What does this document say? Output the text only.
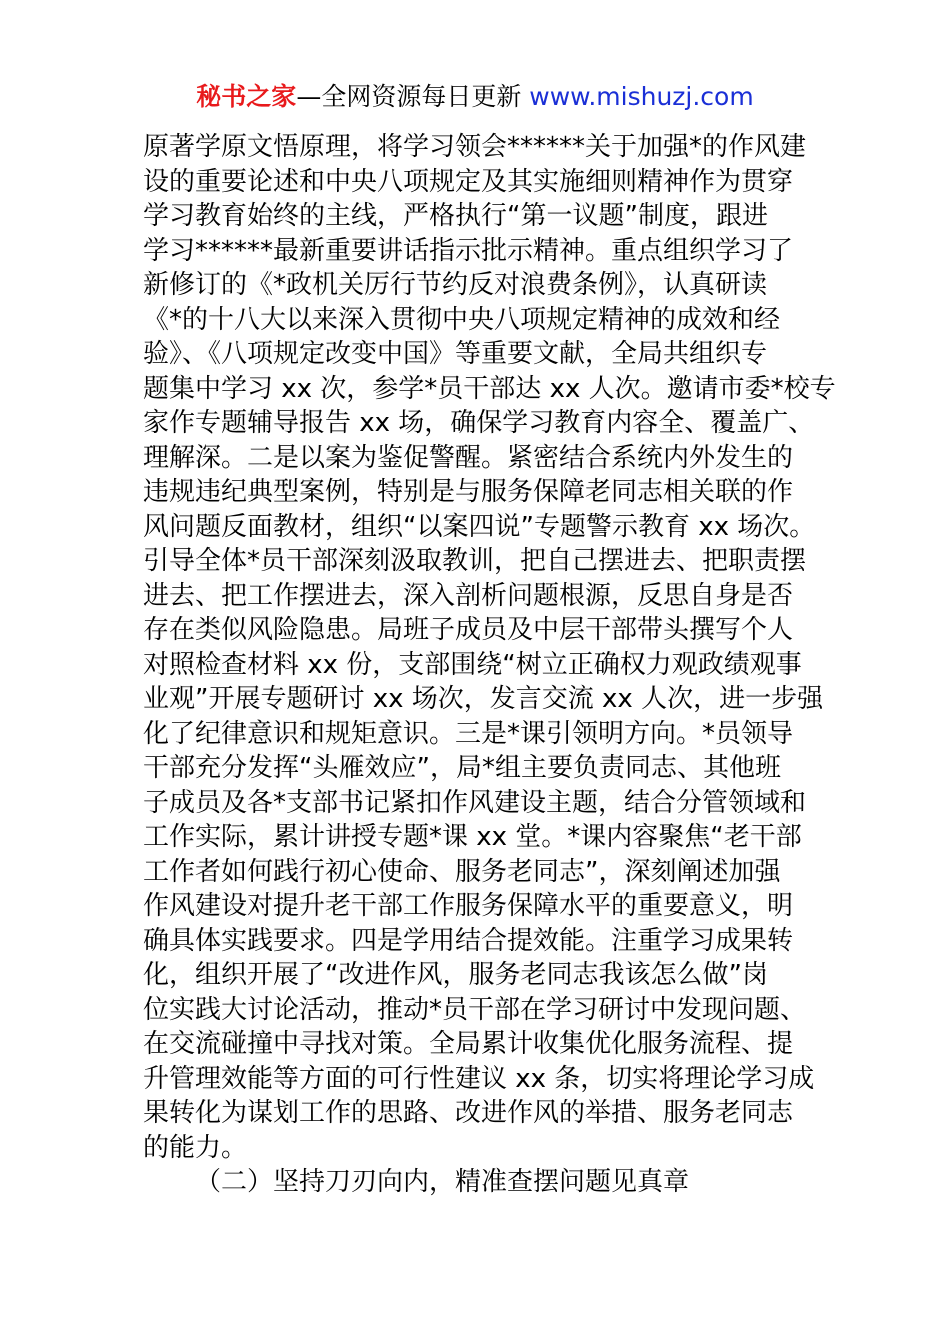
秘书之家—全网资源每日更新 www.mishuzj.com
原著学原文悟原理，将学习领会******关于加强*的作风建
设的重要论述和中央八项规定及其实施细则精神作为贯穿
学习教育始终的主线，严格执行“第一议题”制度，跟进
学习******最新重要讲话指示批示精神。重点组织学习了
新修订的《*政机关厉行节约反对浪费条例》，认真研读
《*的十八大以来深入贯彻中央八项规定精神的成效和经
验》、《八项规定改变中国》等重要文献，全局共组织专
题集中学习 xx 次，参学*员干部达 xx 人次。邀请市委*校专
家作专题辅导报告 xx 场，确保学习教育内容全、覆盖广、
理解深。二是以案为鉴促警醒。紧密结合系统内外发生的
违规违纪典型案例，特别是与服务保障老同志相关联的作
风问题反面教材，组织“以案四说”专题警示教育 xx 场次。
引导全体*员干部深刻汲取教训，把自己摆进去、把职责摆
进去、把工作摆进去，深入剖析问题根源，反思自身是否
存在类似风险隐患。局班子成员及中层干部带头撰写个人
对照检查材料 xx 份，支部围绕“树立正确权力观政绩观事
业观”开展专题研讨 xx 场次，发言交流 xx 人次，进一步强
化了纪律意识和规矩意识。三是*课引领明方向。*员领导
干部充分发挥“头雁效应”，局*组主要负责同志、其他班
子成员及各*支部书记紧扣作风建设主题，结合分管领域和
工作实际，累计讲授专题*课 xx 堂。*课内容聚焦“老干部
工作者如何践行初心使命、服务老同志”，深刻阐述加强
作风建设对提升老干部工作服务保障水平的重要意义，明
确具体实践要求。四是学用结合提效能。注重学习成果转
化，组织开展了“改进作风，服务老同志我该怎么做”岗
位实践大讨论活动，推动*员干部在学习研讨中发现问题、
在交流碰撞中寻找对策。全局累计收集优化服务流程、提
升管理效能等方面的可行性建议 xx 条，切实将理论学习成
果转化为谋划工作的思路、改进作风的举措、服务老同志
的能力。
（二）坚持刀刃向内，精准查摆问题见真章
